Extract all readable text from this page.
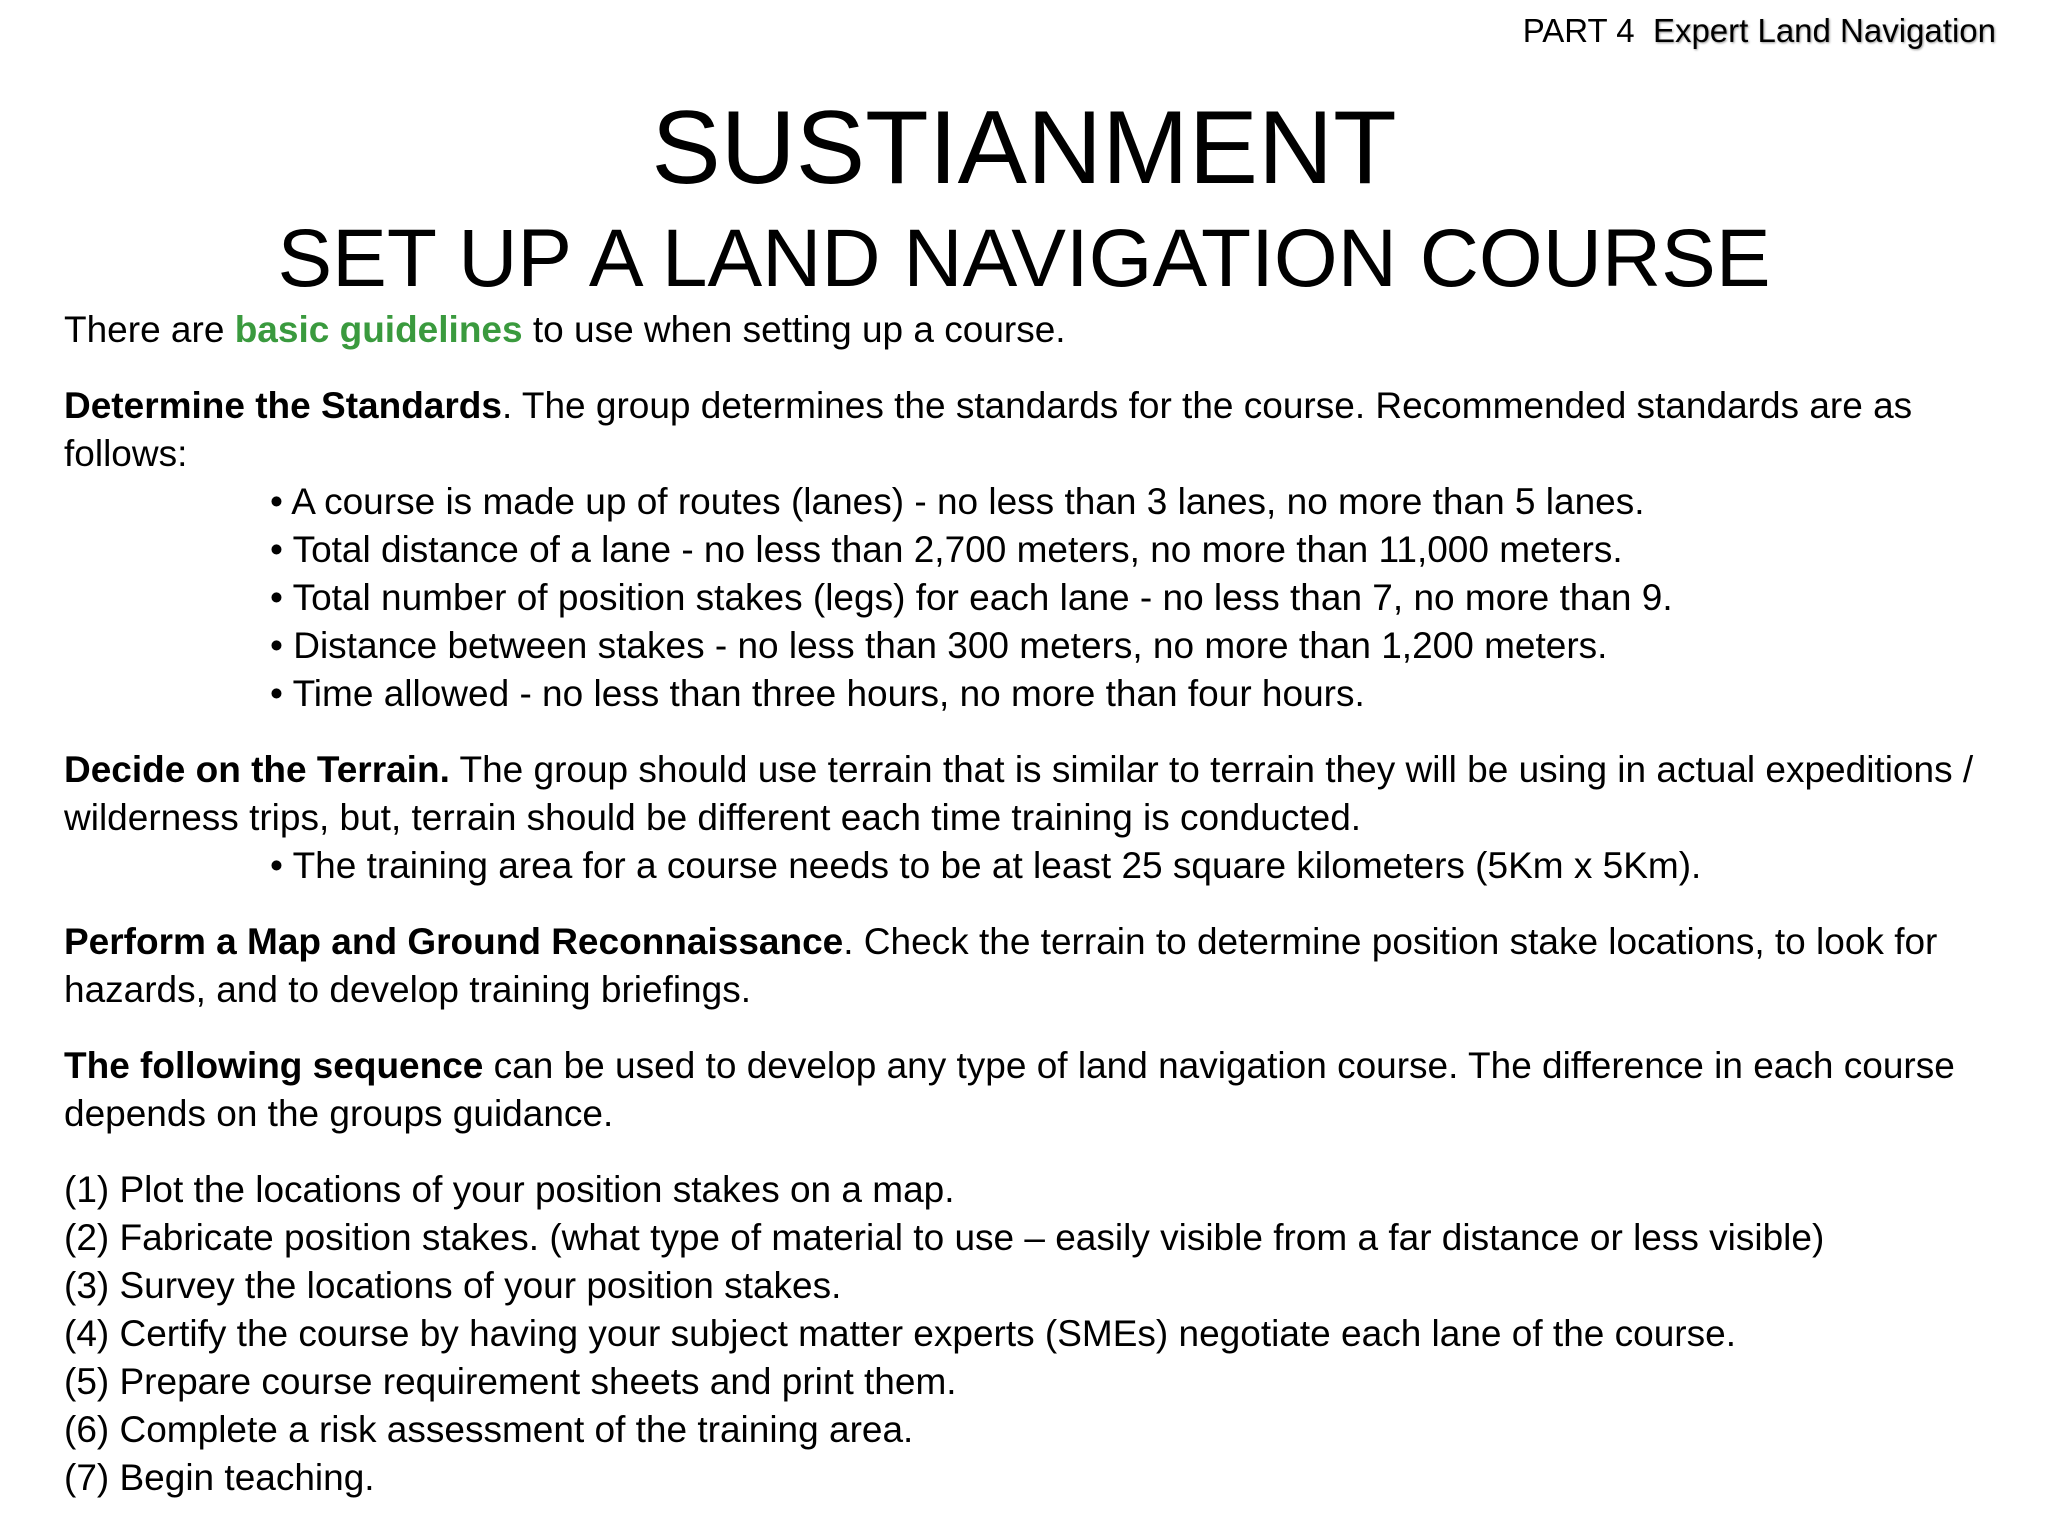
PART 4 Expert Land Navigation
SUSTIANMENT
SET UP A LAND NAVIGATION COURSE

There are basic guidelines to use when setting up a course.

Determine the Standards. The group determines the standards for the course. Recommended standards are as follows:

• A course is made up of routes (lanes) - no less than 3 lanes, no more than 5 lanes.
• Total distance of a lane - no less than 2,700 meters, no more than 11,000 meters.
• Total number of position stakes (legs) for each lane - no less than 7, no more than 9.
• Distance between stakes - no less than 300 meters, no more than 1,200 meters.
• Time allowed - no less than three hours, no more than four hours.

Decide on the Terrain. The group should use terrain that is similar to terrain they will be using in actual expeditions / wilderness trips, but, terrain should be different each time training is conducted.

• The training area for a course needs to be at least 25 square kilometers (5Km x 5Km).

Perform a Map and Ground Reconnaissance. Check the terrain to determine position stake locations, to look for hazards, and to develop training briefings.

The following sequence can be used to develop any type of land navigation course. The difference in each course depends on the groups guidance.

(1) Plot the locations of your position stakes on a map.
(2) Fabricate position stakes. (what type of material to use – easily visible from a far distance or less visible)
(3) Survey the locations of your position stakes.
(4) Certify the course by having your subject matter experts (SMEs) negotiate each lane of the course.
(5) Prepare course requirement sheets and print them.
(6) Complete a risk assessment of the training area.
(7) Begin teaching.
